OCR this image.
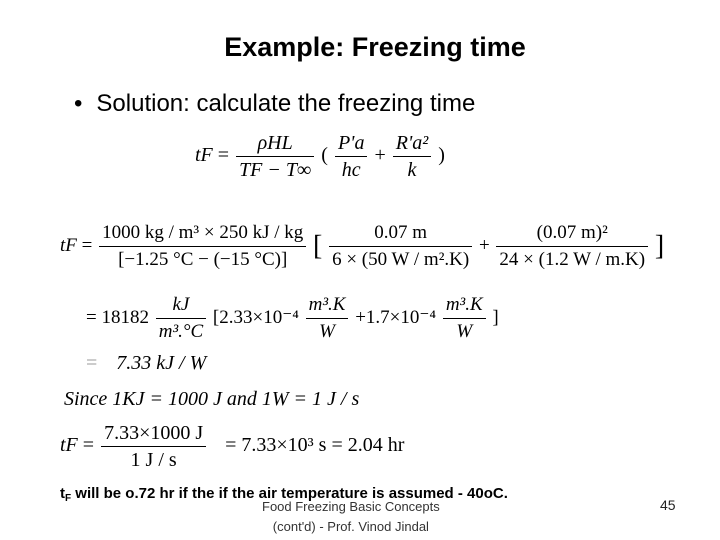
Example: Freezing time
• Solution: calculate the freezing time
tF = $\frac{\text{ρHL}}{TF - T\infty}$ ( $\frac{P'a}{hc} + \frac{\text{R'a²}}{k}$ )
tF = $\frac{\text{1000 kg / m³ × 250 kJ / kg}}{[-1.25 ^\circ C - (-15 ^\circ C)]}$ [ $\frac{0.07 m}{\text{6 × (50 W / m².K)}} + \frac{\text{(0.07 m)²}}{24 \times (1.2 W / m.K)}$ ]
= $18182 \frac{kJ}{\text{m³.°C}} [2.33\times 10^{-4} \frac{\text{m³.K}}{W} +1.7\times 10^{-4} \frac{\text{m³.K}}{W}$ ]
= 7.33 kJ / W
Since 1KJ = 1000 J and 1W = 1 J / s
tF = $\frac{7.33\times 1000 J}{1 J / s} = 7.33\times 10^3$ s = 2.04 hr
$t_F$ will be o.72 hr if the if the air temperature is assumed - 40oC.
Food Freezing Basic Concepts
(cont'd) - Prof. Vinod Jindal
45
